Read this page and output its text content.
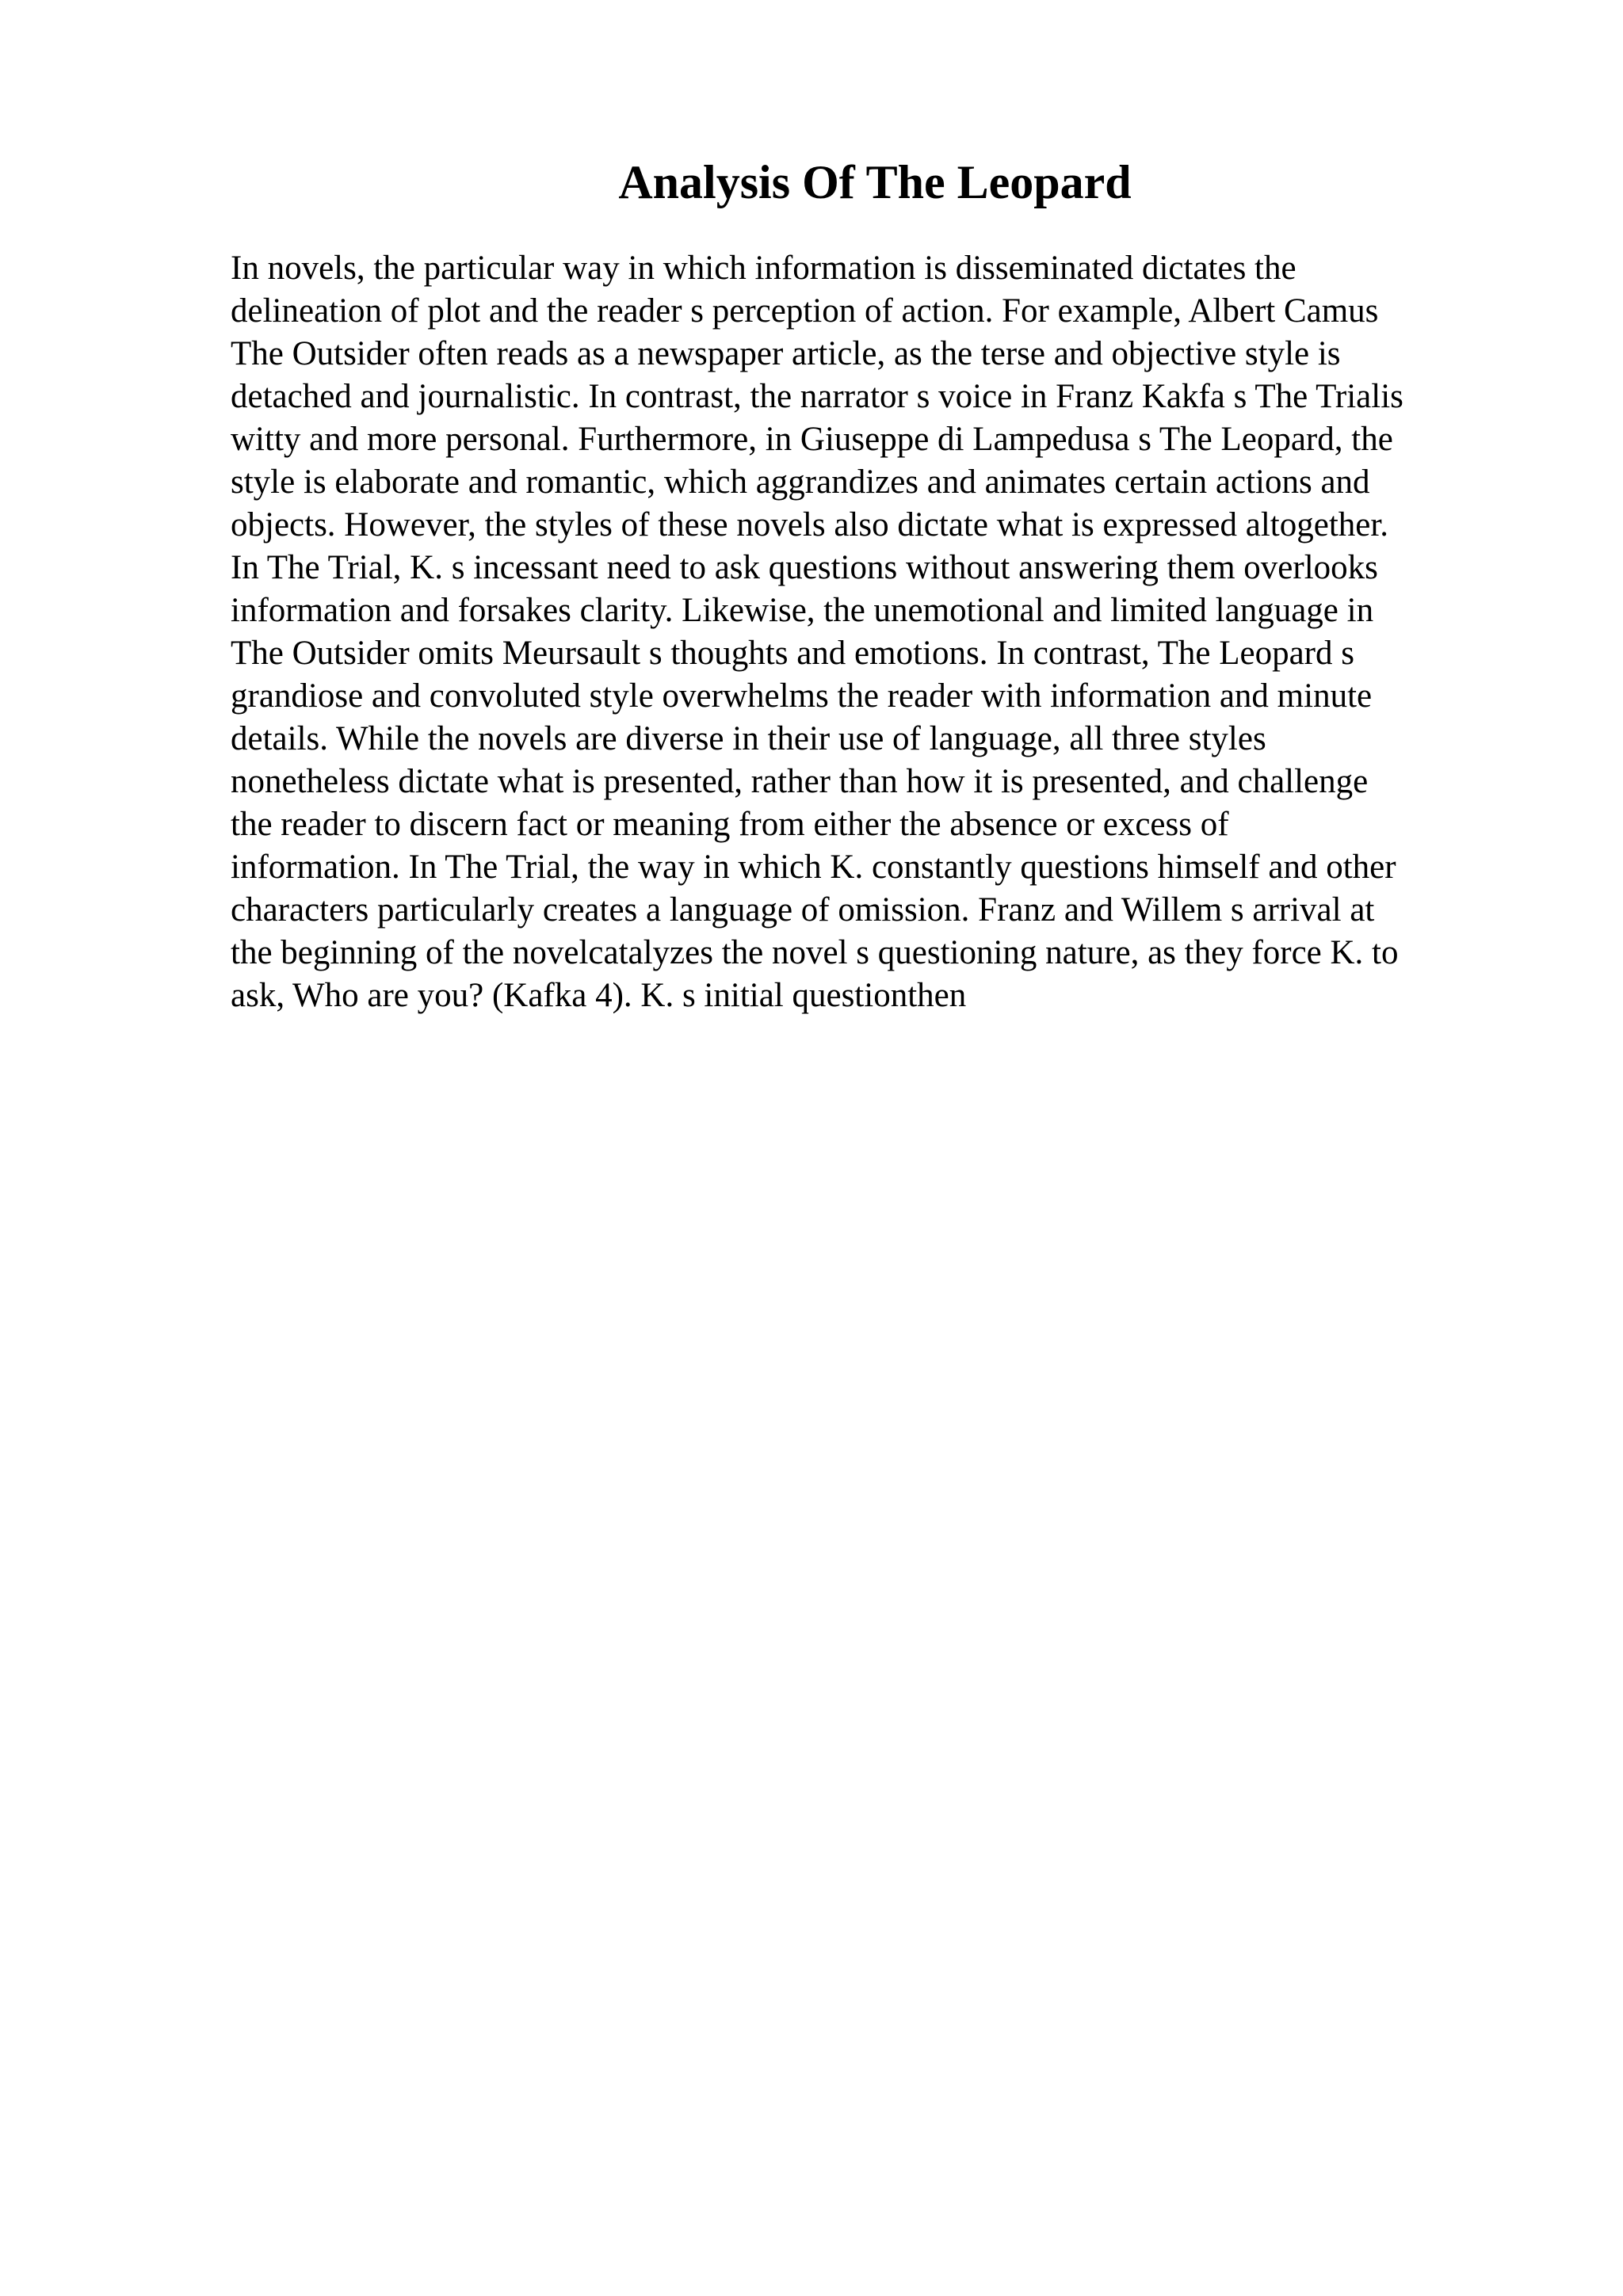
Analysis Of The Leopard
In novels, the particular way in which information is disseminated dictates the
delineation of plot and the reader s perception of action. For example, Albert Camus
The Outsider often reads as a newspaper article, as the terse and objective style is
detached and journalistic. In contrast, the narrator s voice in Franz Kakfa s The Trialis
witty and more personal. Furthermore, in Giuseppe di Lampedusa s The Leopard, the
style is elaborate and romantic, which aggrandizes and animates certain actions and
objects. However, the styles of these novels also dictate what is expressed altogether.
In The Trial, K. s incessant need to ask questions without answering them overlooks
information and forsakes clarity. Likewise, the unemotional and limited language in
The Outsider omits Meursault s thoughts and emotions. In contrast, The Leopard s
grandiose and convoluted style overwhelms the reader with information and minute
details. While the novels are diverse in their use of language, all three styles
nonetheless dictate what is presented, rather than how it is presented, and challenge
the reader to discern fact or meaning from either the absence or excess of
information. In The Trial, the way in which K. constantly questions himself and other
characters particularly creates a language of omission. Franz and Willem s arrival at
the beginning of the novelcatalyzes the novel s questioning nature, as they force K. to
ask, Who are you? (Kafka 4). K. s initial questionthen
